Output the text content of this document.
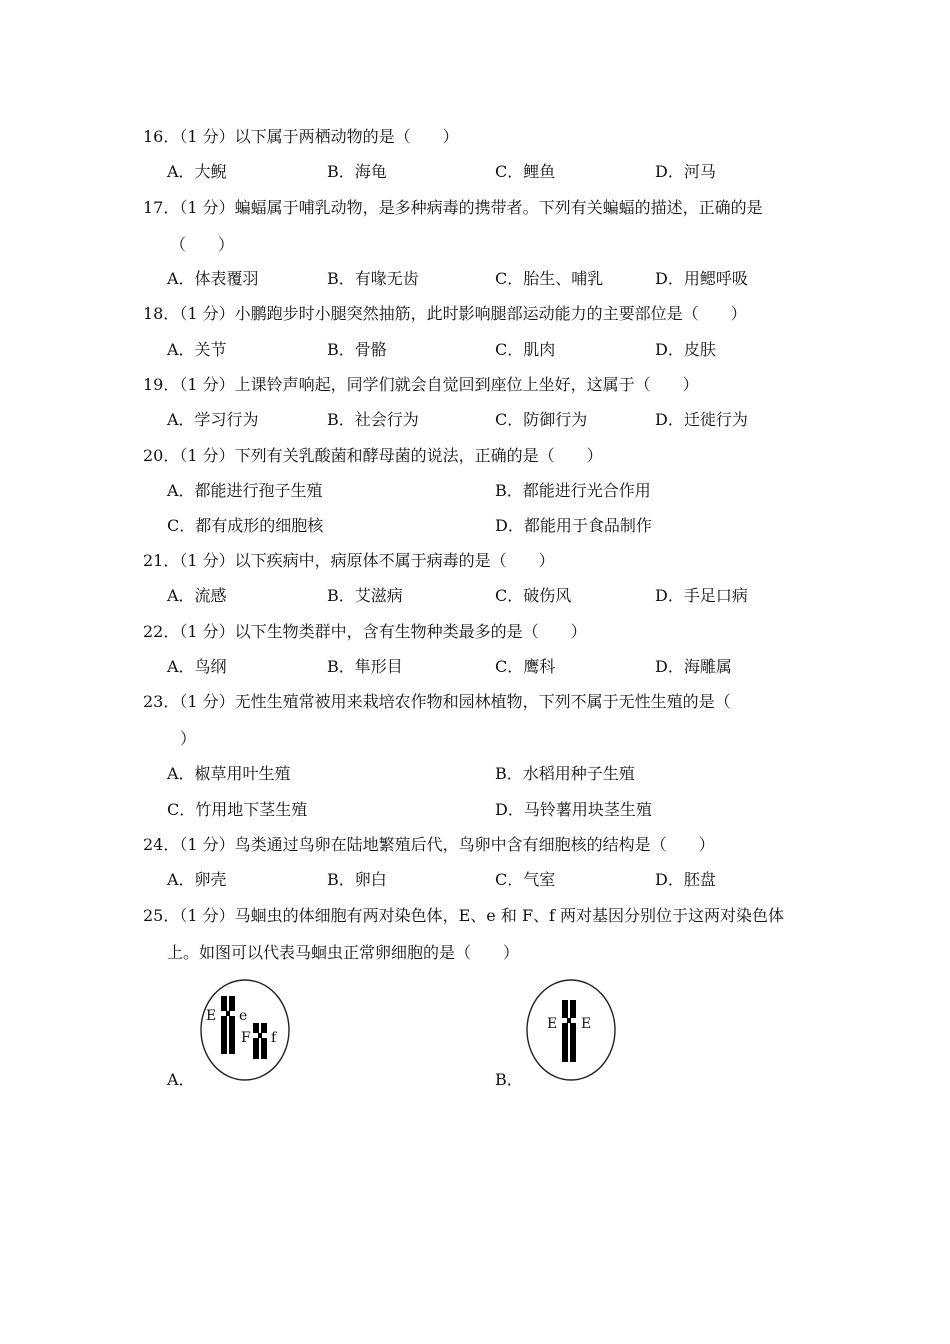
16．（1 分）以下属于两栖动物的是（　　）
A．大鲵	B．海龟	C．鲤鱼	D．河马
17．（1 分）蝙蝠属于哺乳动物，是多种病毒的携带者。下列有关蝙蝠的描述，正确的是
（　　）
A．体表覆羽	B．有喙无齿	C．胎生、哺乳	D．用鳃呼吸
18．（1 分）小鹏跑步时小腿突然抽筋，此时影响腿部运动能力的主要部位是（　　）
A．关节	B．骨骼	C．肌肉	D．皮肤
19．（1 分）上课铃声响起，同学们就会自觉回到座位上坐好，这属于（　　）
A．学习行为	B．社会行为	C．防御行为	D．迁徙行为
20．（1 分）下列有关乳酸菌和酵母菌的说法，正确的是（　　）
A．都能进行孢子生殖	B．都能进行光合作用
C．都有成形的细胞核	D．都能用于食品制作
21．（1 分）以下疾病中，病原体不属于病毒的是（　　）
A．流感	B．艾滋病	C．破伤风	D．手足口病
22．（1 分）以下生物类群中，含有生物种类最多的是（　　）
A．鸟纲	B．隼形目	C．鹰科	D．海雕属
23．（1 分）无性生殖常被用来栽培农作物和园林植物，下列不属于无性生殖的是（
）
A．椒草用叶生殖	B．水稻用种子生殖
C．竹用地下茎生殖	D．马铃薯用块茎生殖
24．（1 分）鸟类通过鸟卵在陆地繁殖后代，鸟卵中含有细胞核的结构是（　　）
A．卵壳	B．卵白	C．气室	D．胚盘
25．（1 分）马蛔虫的体细胞有两对染色体，E、e 和 F、f 两对基因分别位于这两对染色体
上。如图可以代表马蛔虫正常卵细胞的是（　　）
A．
E e
F f
B．
E E
